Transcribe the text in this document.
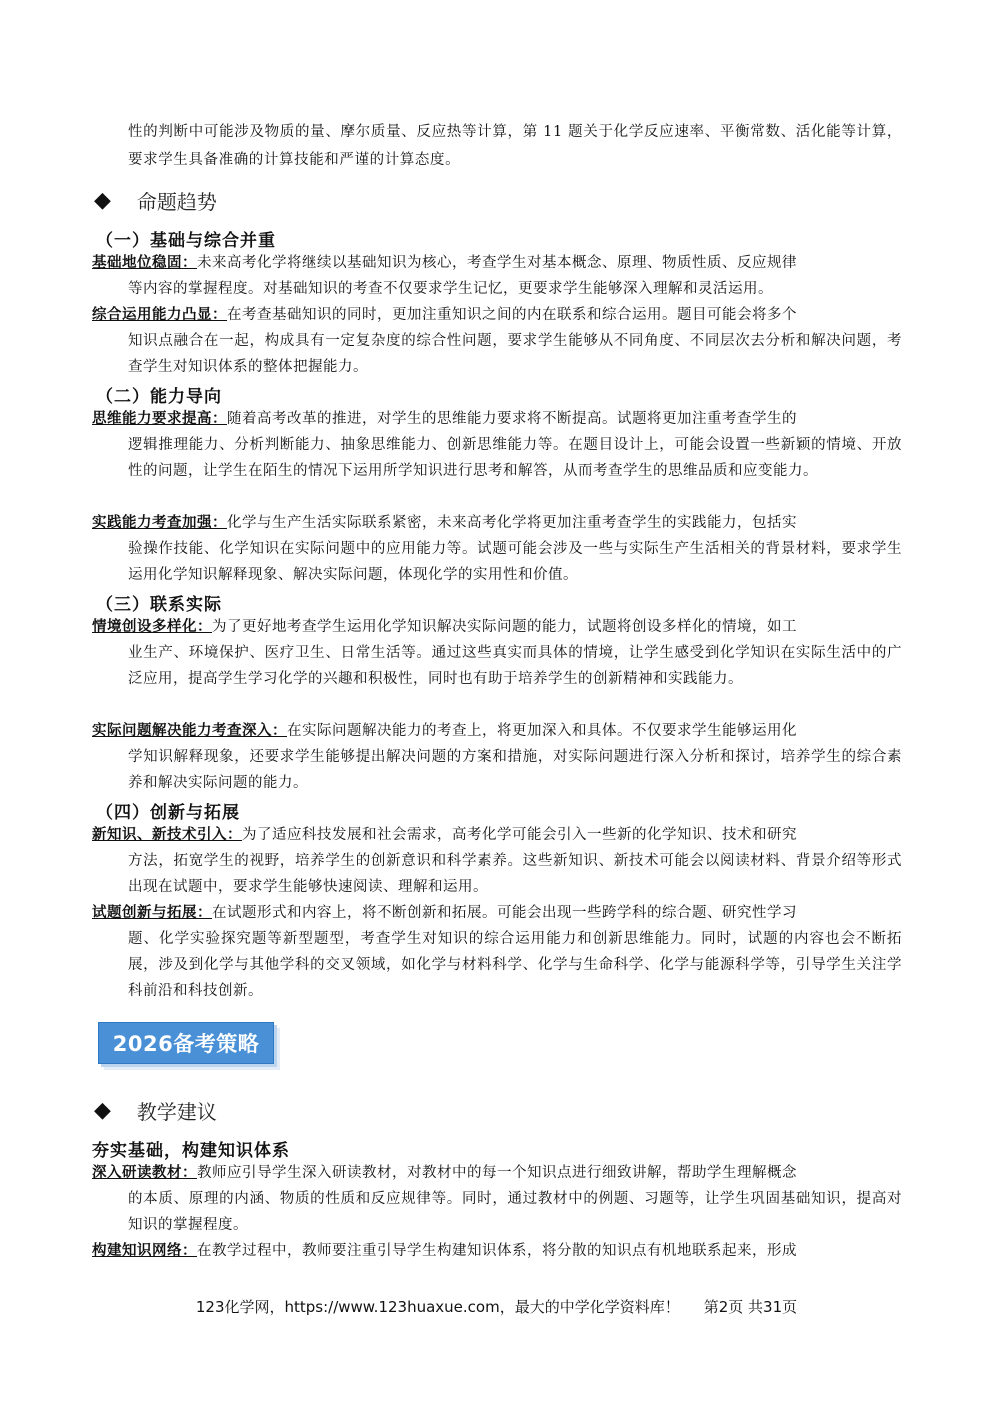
性的判断中可能涉及物质的量、摩尔质量、反应热等计算，第 11 题关于化学反应速率、平衡常数、活化能等计算，要求学生具备准确的计算技能和严谨的计算态度。

◆ 命题趋势
（一）基础与综合并重
基础地位稳固：未来高考化学将继续以基础知识为核心，考查学生对基本概念、原理、物质性质、反应规律
等内容的掌握程度。对基础知识的考查不仅要求学生记忆，更要求学生能够深入理解和灵活运用。
综合运用能力凸显：在考查基础知识的同时，更加注重知识之间的内在联系和综合运用。题目可能会将多个
知识点融合在一起，构成具有一定复杂度的综合性问题，要求学生能够从不同角度、不同层次去分析和解决问题，考查学生对知识体系的整体把握能力。
（二）能力导向
思维能力要求提高：随着高考改革的推进，对学生的思维能力要求将不断提高。试题将更加注重考查学生的
逻辑推理能力、分析判断能力、抽象思维能力、创新思维能力等。在题目设计上，可能会设置一些新颖的情境、开放性的问题，让学生在陌生的情况下运用所学知识进行思考和解答，从而考查学生的思维品质和应变能力。
实践能力考查加强：化学与生产生活实际联系紧密，未来高考化学将更加注重考查学生的实践能力，包括实
验操作技能、化学知识在实际问题中的应用能力等。试题可能会涉及一些与实际生产生活相关的背景材料，要求学生运用化学知识解释现象、解决实际问题，体现化学的实用性和价值。
（三）联系实际
情境创设多样化：为了更好地考查学生运用化学知识解决实际问题的能力，试题将创设多样化的情境，如工
业生产、环境保护、医疗卫生、日常生活等。通过这些真实而具体的情境，让学生感受到化学知识在实际生活中的广泛应用，提高学生学习化学的兴趣和积极性，同时也有助于培养学生的创新精神和实践能力。
实际问题解决能力考查深入：在实际问题解决能力的考查上，将更加深入和具体。不仅要求学生能够运用化
学知识解释现象，还要求学生能够提出解决问题的方案和措施，对实际问题进行深入分析和探讨，培养学生的综合素养和解决实际问题的能力。
（四）创新与拓展
新知识、新技术引入：为了适应科技发展和社会需求，高考化学可能会引入一些新的化学知识、技术和研究
方法，拓宽学生的视野，培养学生的创新意识和科学素养。这些新知识、新技术可能会以阅读材料、背景介绍等形式出现在试题中，要求学生能够快速阅读、理解和运用。
试题创新与拓展：在试题形式和内容上，将不断创新和拓展。可能会出现一些跨学科的综合题、研究性学习
题、化学实验探究题等新型题型，考查学生对知识的综合运用能力和创新思维能力。同时，试题的内容也会不断拓展，涉及到化学与其他学科的交叉领域，如化学与材料科学、化学与生命科学、化学与能源科学等，引导学生关注学科前沿和科技创新。
2026备考策略
◆ 教学建议
夯实基础，构建知识体系
深入研读教材：教师应引导学生深入研读教材，对教材中的每一个知识点进行细致讲解，帮助学生理解概念
的本质、原理的内涵、物质的性质和反应规律等。同时，通过教材中的例题、习题等，让学生巩固基础知识，提高对知识的掌握程度。
构建知识网络：在教学过程中，教师要注重引导学生构建知识体系，将分散的知识点有机地联系起来，形成
123化学网，https://www.123huaxue.com，最大的中学化学资料库！ 第2页 共31页
